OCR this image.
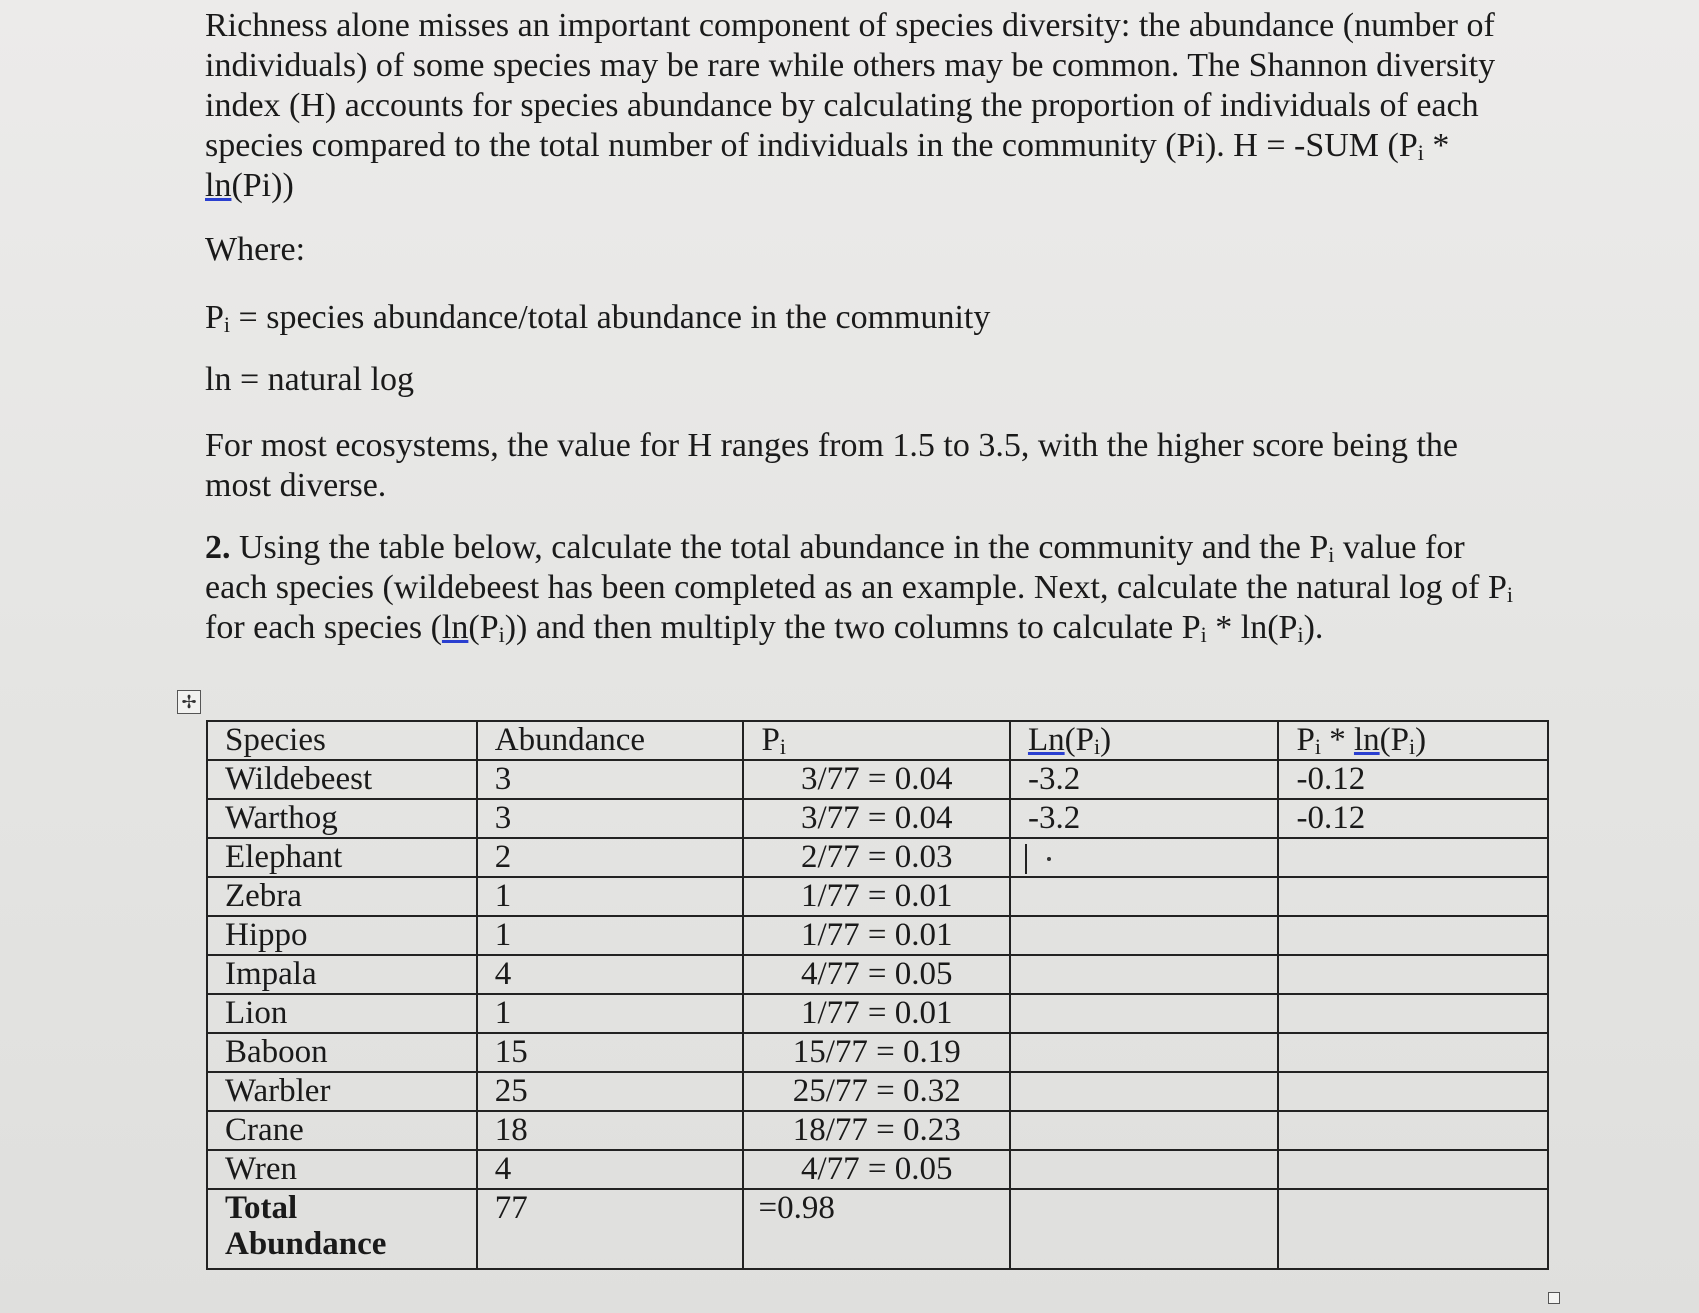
Richness alone misses an important component of species diversity: the abundance (number of
individuals) of some species may be rare while others may be common. The Shannon diversity
index (H) accounts for species abundance by calculating the proportion of individuals of each
species compared to the total number of individuals in the community (Pi). H = -SUM ($P_i$ *
ln(Pi))

Where:

$P_i$ = species abundance/total abundance in the community

ln = natural log

For most ecosystems, the value for H ranges from 1.5 to 3.5, with the higher score being the
most diverse.

2. Using the table below, calculate the total abundance in the community and the $P_i$ value for
each species (wildebeest has been completed as an example. Next, calculate the natural log of $P_i$
for each species $(\ln(P_i))$ and then multiply the two columns to calculate $P_i * \ln(P_i)$.

✢
Species	Abundance	$P_i$	$Ln(P_i)$	$P_i * \ln(P_i)$
Wildebeest	3	3/77 = 0.04	-3.2	-0.12
Warthog	3	3/77 = 0.04	-3.2	-0.12
Elephant	2	2/77 = 0.03		
Zebra	1	1/77 = 0.01		
Hippo	1	1/77 = 0.01		
Impala	4	4/77 = 0.05		
Lion	1	1/77 = 0.01		
Baboon	15	15/77 = 0.19		
Warbler	25	25/77 = 0.32		
Crane	18	18/77 = 0.23		
Wren	4	4/77 = 0.05		
Total
Abundance	77	=0.98		
